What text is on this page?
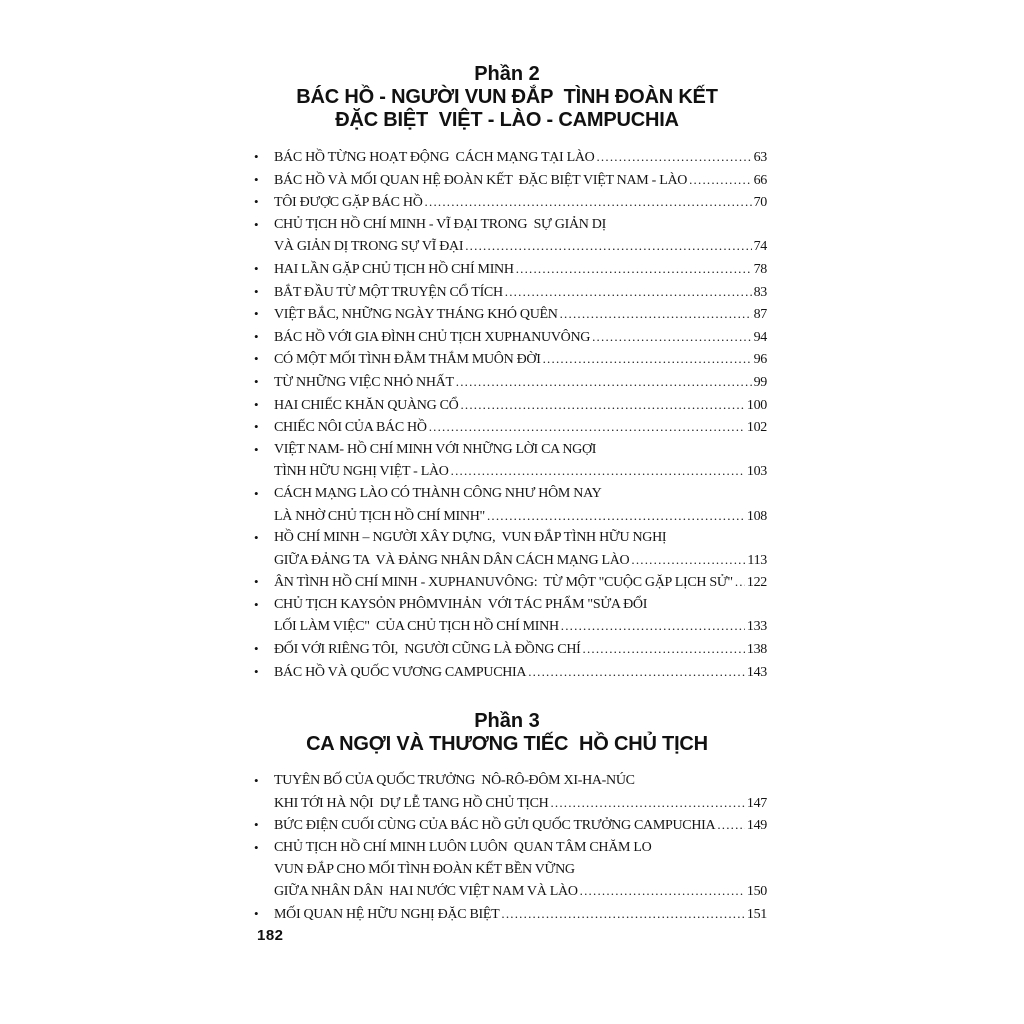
Phần 2
BÁC HỒ - NGƯỜI VUN ĐẮP  TÌNH ĐOÀN KẾT
ĐẶC BIỆT  VIỆT - LÀO - CAMPUCHIA
•	BÁC HỒ TỪNG HOẠT ĐỘNG  CÁCH MẠNG TẠI LÀO .....	63
•	BÁC HỒ VÀ MỐI QUAN HỆ ĐOÀN KẾT  ĐẶC BIỆT VIỆT NAM - LÀO .....	66
•	TÔI ĐƯỢC GẶP BÁC HỒ .....	70
•	CHỦ TỊCH HỒ CHÍ MINH - VĨ ĐẠI TRONG  SỰ GIẢN DỊ
VÀ GIẢN DỊ TRONG SỰ VĨ ĐẠI .....	74
•	HAI LẦN GẶP CHỦ TỊCH HỒ CHÍ MINH .....	78
•	BẮT ĐẦU TỪ MỘT TRUYỆN CỔ TÍCH .....	83
•	VIỆT BẮC, NHỮNG NGÀY THÁNG KHÓ QUÊN .....	87
•	BÁC HỒ VỚI GIA ĐÌNH CHỦ TỊCH XUPHANUVÔNG .....	94
•	CÓ MỘT MỐI TÌNH ĐẰM THẮM MUÔN ĐỜI .....	96
•	TỪ NHỮNG VIỆC NHỎ NHẤT .....	99
•	HAI CHIẾC KHĂN QUÀNG CỔ .....	100
•	CHIẾC NÔI CỦA BÁC HỒ .....	102
•	VIỆT NAM- HỒ CHÍ MINH VỚI NHỮNG LỜI CA NGỢI
TÌNH HỮU NGHỊ VIỆT - LÀO .....	103
•	CÁCH MẠNG LÀO CÓ THÀNH CÔNG NHƯ HÔM NAY
LÀ NHỜ CHỦ TỊCH HỒ CHÍ MINH" .....	108
•	HỒ CHÍ MINH – NGƯỜI XÂY DỰNG,  VUN ĐẮP TÌNH HỮU NGHỊ
GIỮA ĐẢNG TA  VÀ ĐẢNG NHÂN DÂN CÁCH MẠNG LÀO .....	113
•	ÂN TÌNH HỒ CHÍ MINH - XUPHANUVÔNG:  TỪ MỘT "CUỘC GẶP LỊCH SỬ" ..... 122
•	CHỦ TỊCH KAYSỎN PHÔMVIHẢN  VỚI TÁC PHẨM "SỬA ĐỔI
LỐI LÀM VIỆC"  CỦA CHỦ TỊCH HỒ CHÍ MINH .....	133
•	ĐỐI VỚI RIÊNG TÔI,  NGƯỜI CŨNG LÀ ĐỒNG CHÍ .....	138
•	BÁC HỒ VÀ QUỐC VƯƠNG CAMPUCHIA .....	143
Phần 3
CA NGỢI VÀ THƯƠNG TIẾC  HỒ CHỦ TỊCH
•	TUYÊN BỐ CỦA QUỐC TRƯỞNG  NÔ-RÔ-ĐÔM XI-HA-NÚC
KHI TỚI HÀ NỘI  DỰ LỄ TANG HỒ CHỦ TỊCH .....	147
•	BỨC ĐIỆN CUỐI CÙNG CỦA BÁC HỒ GỬI QUỐC TRƯỞNG CAMPUCHIA ..... 149
•	CHỦ TỊCH HỒ CHÍ MINH LUÔN LUÔN  QUAN TÂM CHĂM LO
VUN ĐẮP CHO MỐI TÌNH ĐOÀN KẾT BỀN VỮNG
GIỮA NHÂN DÂN  HAI NƯỚC VIỆT NAM VÀ LÀO .....	150
•	MỐI QUAN HỆ HỮU NGHỊ ĐẶC BIỆT .....	151
182
